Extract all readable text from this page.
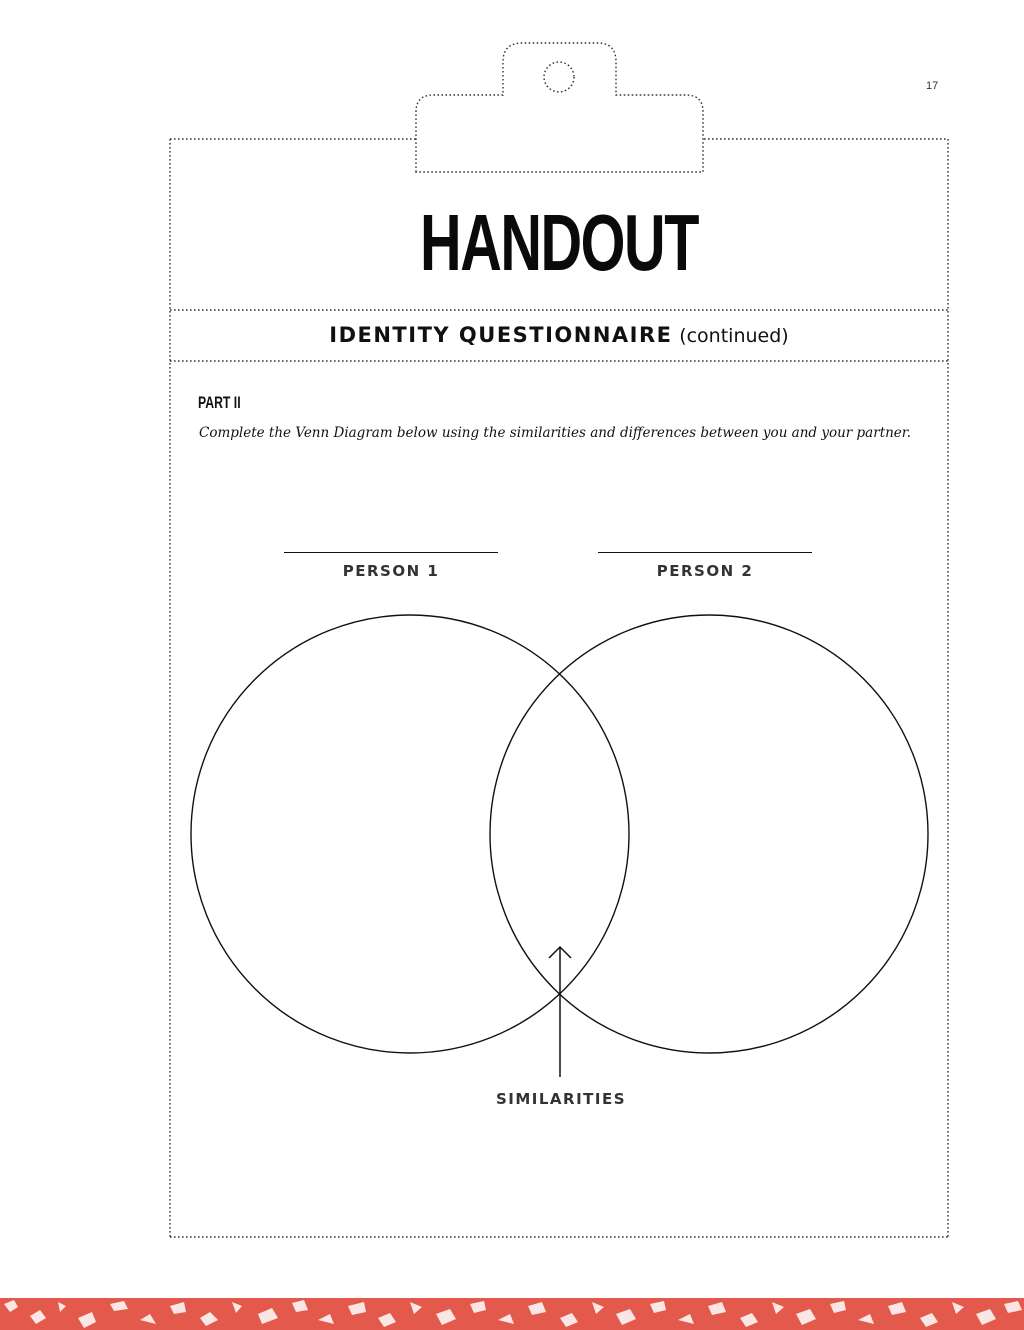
17
HANDOUT
IDENTITY QUESTIONNAIRE (continued)
PART II
Complete the Venn Diagram below using the similarities and differences between you and your partner.
PERSON 1	PERSON 2
SIMILARITIES
